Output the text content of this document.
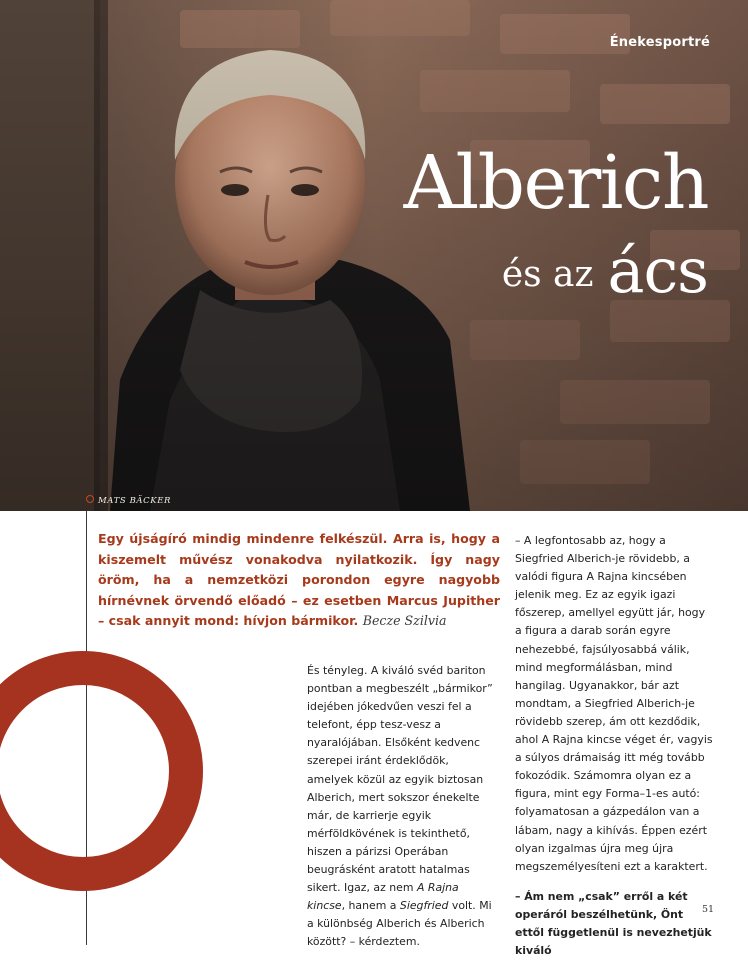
Énekesportré
Alberich
és az ács
MATS BÄCKER
Egy újságíró mindig mindenre felkészül. Arra is, hogy a kiszemelt művész vonakodva nyilatkozik. Így nagy öröm, ha a nemzetközi porondon egyre nagyobb hírnévnek örvendő előadó – ez esetben Marcus Jupither – csak annyit mond: hívjon bármikor. Becze Szilvia

És tényleg. A kiváló svéd bariton pontban a megbeszélt „bármikor” idejében jókedvűen veszi fel a telefont, épp tesz-vesz a nyaralójában. Elsőként kedvenc szerepei iránt érdeklődök, amelyek közül az egyik biztosan Alberich, mert sokszor énekelte már, de karrierje egyik mérföldkövének is tekinthető, hiszen a párizsi Operában beugrásként aratott hatalmas sikert. Igaz, az nem A Rajna kincse, hanem a Siegfried volt. Mi a különbség Alberich és Alberich között? – kérdeztem.

– A legfontosabb az, hogy a Siegfried Alberich-je rövidebb, a valódi figura A Rajna kincsében jelenik meg. Ez az egyik igazi főszerep, amellyel együtt jár, hogy a figura a darab során egyre nehezebbé, fajsúlyosabbá válik, mind megformálásban, mind hangilag. Ugyanakkor, bár azt mondtam, a Siegfried Alberich-je rövidebb szerep, ám ott kezdődik, ahol A Rajna kincse véget ér, vagyis a súlyos drámaiság itt még tovább fokozódik. Számomra olyan ez a figura, mint egy Forma–1-es autó: folyamatosan a gázpedálon van a lábam, nagy a kihívás. Éppen ezért olyan izgalmas újra meg újra megszemélyesíteni ezt a karaktert.

– Ám nem „csak” erről a két operáról beszélhetünk, Önt ettől függetlenül is nevezhetjük kiváló

51
